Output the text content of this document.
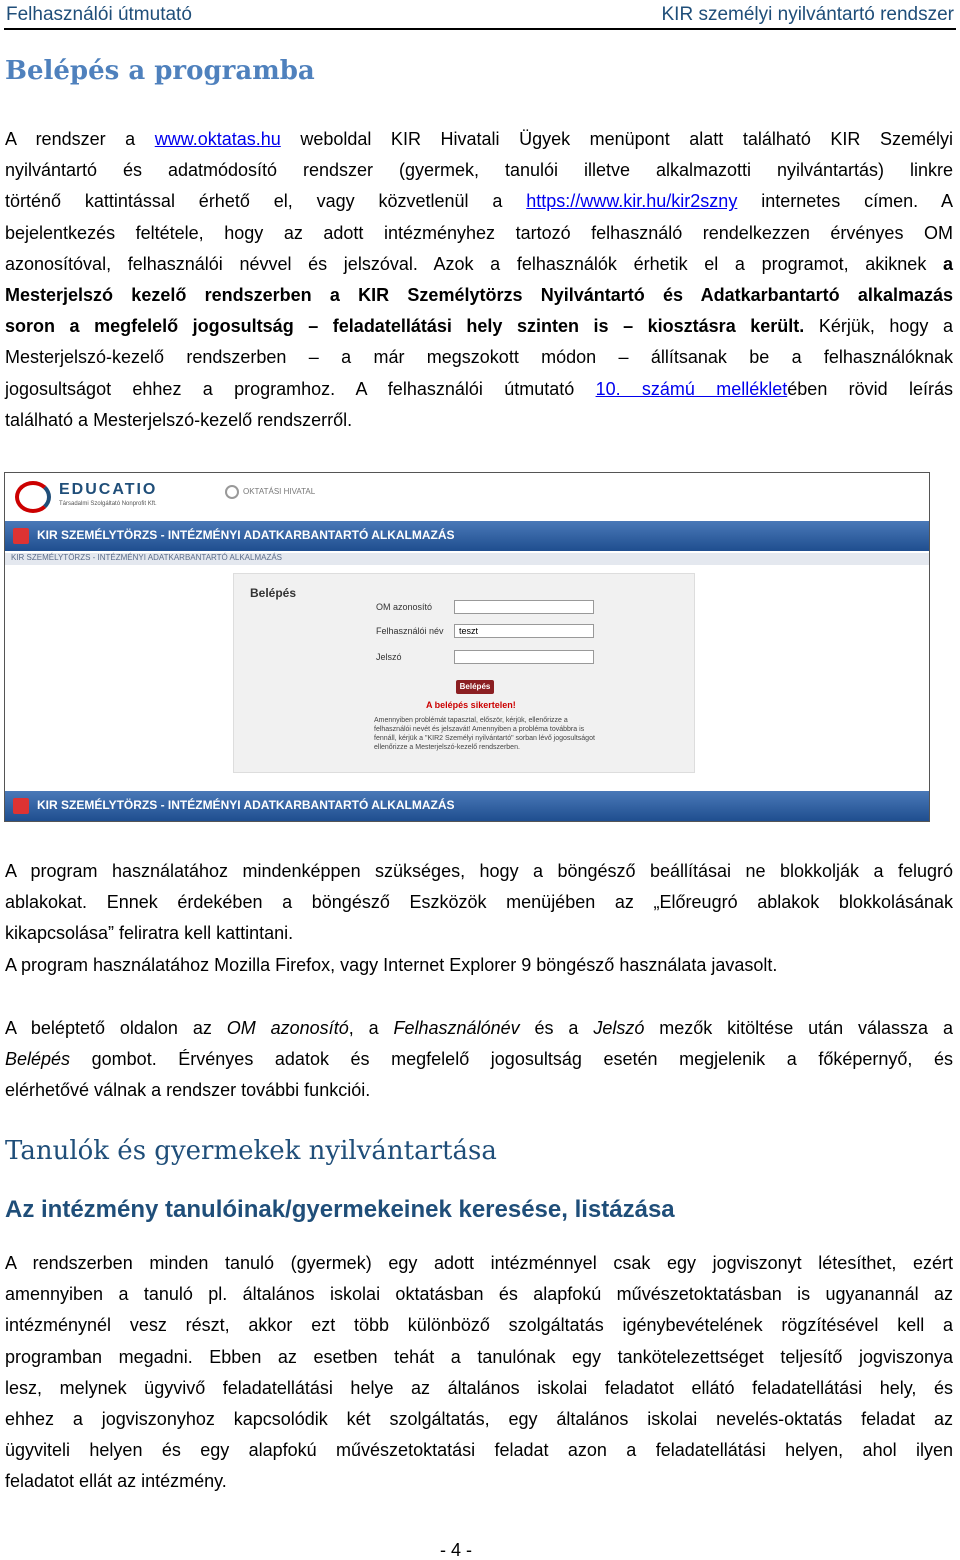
Felhasználói útmutató	KIR személyi nyilvántartó rendszer
Belépés a programba
A rendszer a www.oktatas.hu weboldal KIR Hivatali Ügyek menüpont alatt található KIR Személyi
nyilvántartó és adatmódosító rendszer (gyermek, tanulói illetve alkalmazotti nyilvántartás) linkre
történő kattintással érhető el, vagy közvetlenül a https://www.kir.hu/kir2szny internetes címen. A
bejelentkezés feltétele, hogy az adott intézményhez tartozó felhasználó rendelkezzen érvényes OM
azonosítóval, felhasználói névvel és jelszóval. Azok a felhasználók érhetik el a programot, akiknek a
Mesterjelszó kezelő rendszerben a KIR Személytörzs Nyilvántartó és Adatkarbantartó alkalmazás
soron a megfelelő jogosultság – feladatellátási hely szinten is – kiosztásra került. Kérjük, hogy a
Mesterjelszó-kezelő rendszerben – a már megszokott módon – állítsanak be a felhasználóknak
jogosultságot ehhez a programhoz. A felhasználói útmutató 10. számú mellékletében rövid leírás
található a Mesterjelszó-kezelő rendszerről.
EDUCATIO
Társadalmi Szolgáltató Nonprofit Kft.
OKTATÁSI HIVATAL
KIR SZEMÉLYTÖRZS - INTÉZMÉNYI ADATKARBANTARTÓ ALKALMAZÁS
KIR SZEMÉLYTÖRZS - INTÉZMÉNYI ADATKARBANTARTÓ ALKALMAZÁS
Belépés
OM azonosító
Felhasználói név	teszt
Jelszó
Belépés
A belépés sikertelen!
Amennyiben problémát tapasztal, először, kérjük, ellenőrizze a felhasználói nevét és jelszavát! Amennyiben a probléma továbbra is fennáll, kérjük a "KIR2 Személyi nyilvántartó" sorban lévő jogosultságot ellenőrizze a Mesterjelszó-kezelő rendszerben.
KIR SZEMÉLYTÖRZS - INTÉZMÉNYI ADATKARBANTARTÓ ALKALMAZÁS
A program használatához mindenképpen szükséges, hogy a böngésző beállításai ne blokkolják a felugró
ablakokat. Ennek érdekében a böngésző Eszközök menüjében az „Előreugró ablakok blokkolásának
kikapcsolása” feliratra kell kattintani.
A program használatához Mozilla Firefox, vagy Internet Explorer 9 böngésző használata javasolt.
A beléptető oldalon az OM azonosító, a Felhasználónév és a Jelszó mezők kitöltése után válassza a
Belépés gombot. Érvényes adatok és megfelelő jogosultság esetén megjelenik a főképernyő, és
elérhetővé válnak a rendszer további funkciói.
Tanulók és gyermekek nyilvántartása
Az intézmény tanulóinak/gyermekeinek keresése, listázása
A rendszerben minden tanuló (gyermek) egy adott intézménnyel csak egy jogviszonyt létesíthet, ezért
amennyiben a tanuló pl. általános iskolai oktatásban és alapfokú művészetoktatásban is ugyanannál az
intézménynél vesz részt, akkor ezt több különböző szolgáltatás igénybevételének rögzítésével kell a
programban megadni. Ebben az esetben tehát a tanulónak egy tankötelezettséget teljesítő jogviszonya
lesz, melynek ügyvivő feladatellátási helye az általános iskolai feladatot ellátó feladatellátási hely, és
ehhez a jogviszonyhoz kapcsolódik két szolgáltatás, egy általános iskolai nevelés-oktatás feladat az
ügyviteli helyen és egy alapfokú művészetoktatási feladat azon a feladatellátási helyen, ahol ilyen
feladatot ellát az intézmény.
- 4 -
